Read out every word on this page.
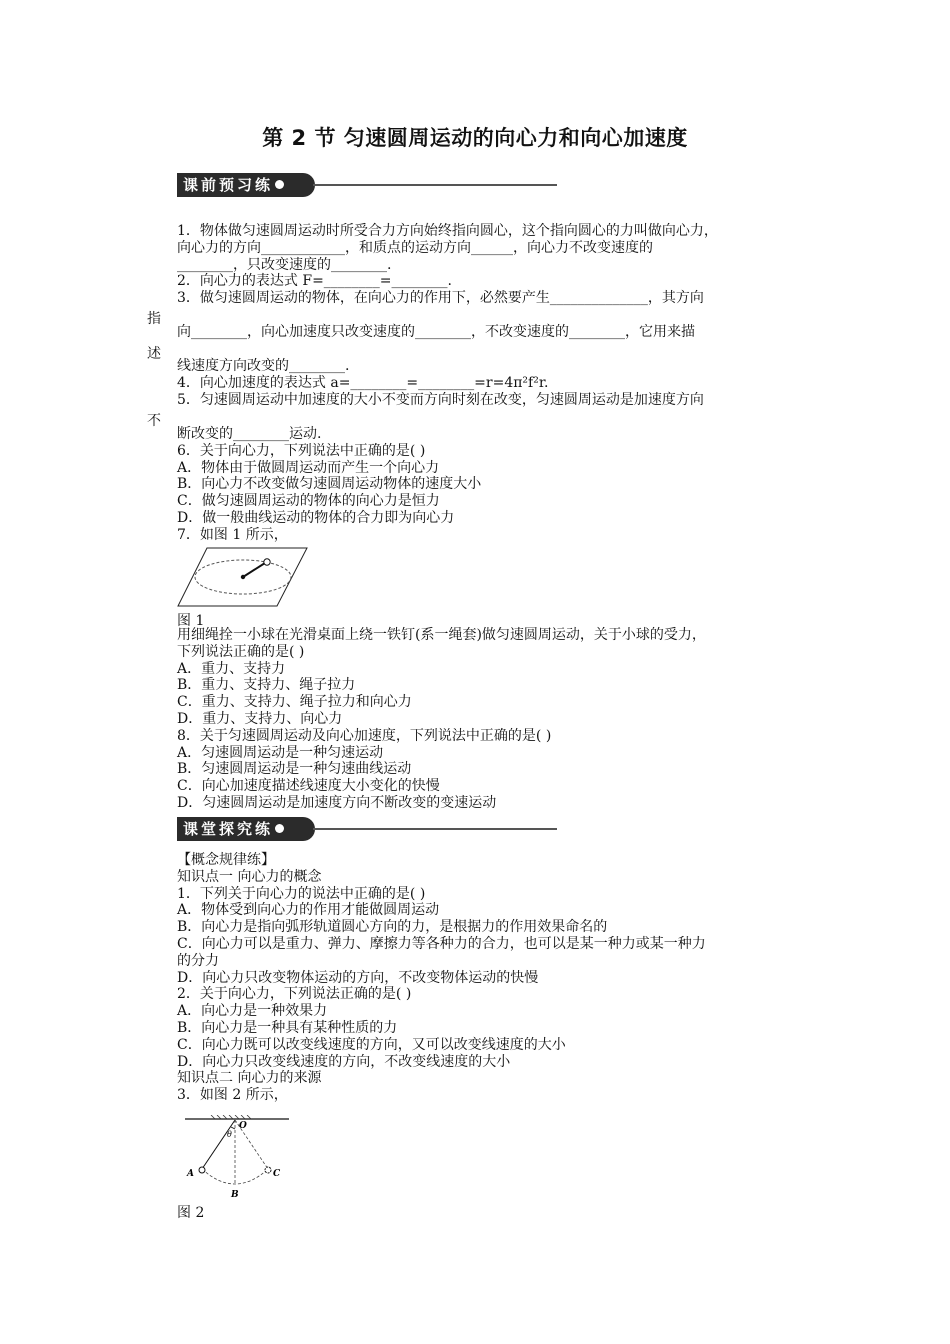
第 2 节 匀速圆周运动的向心力和向心加速度
课前预习练
1．物体做匀速圆周运动时所受合力方向始终指向圆心，这个指向圆心的力叫做向心力，
向心力的方向____________，和质点的运动方向______，向心力不改变速度的
________，只改变速度的________.
2．向心力的表达式 F=________=________.
3．做匀速圆周运动的物体，在向心力的作用下，必然要产生______________，其方向
向________，向心加速度只改变速度的________，不改变速度的________，它用来描
线速度方向改变的________.
4．向心加速度的表达式 a=________=________=r=4π²f²r.
5．匀速圆周运动中加速度的大小不变而方向时刻在改变，匀速圆周运动是加速度方向
断改变的________运动.
6．关于向心力，下列说法中正确的是( )
A．物体由于做圆周运动而产生一个向心力
B．向心力不改变做匀速圆周运动物体的速度大小
C．做匀速圆周运动的物体的向心力是恒力
D．做一般曲线运动的物体的合力即为向心力
7．如图 1 所示，
指
述
不
图 1
用细绳拴一小球在光滑桌面上绕一铁钉(系一绳套)做匀速圆周运动，关于小球的受力，
下列说法正确的是( )
A．重力、支持力
B．重力、支持力、绳子拉力
C．重力、支持力、绳子拉力和向心力
D．重力、支持力、向心力
8．关于匀速圆周运动及向心加速度，下列说法中正确的是( )
A．匀速圆周运动是一种匀速运动
B．匀速圆周运动是一种匀速曲线运动
C．向心加速度描述线速度大小变化的快慢
D．匀速圆周运动是加速度方向不断改变的变速运动
课堂探究练
【概念规律练】
知识点一 向心力的概念
1．下列关于向心力的说法中正确的是( )
A．物体受到向心力的作用才能做圆周运动
B．向心力是指向弧形轨道圆心方向的力，是根据力的作用效果命名的
C．向心力可以是重力、弹力、摩擦力等各种力的合力，也可以是某一种力或某一种力
的分力
D．向心力只改变物体运动的方向，不改变物体运动的快慢
2．关于向心力，下列说法正确的是( )
A．向心力是一种效果力
B．向心力是一种具有某种性质的力
C．向心力既可以改变线速度的方向，又可以改变线速度的大小
D．向心力只改变线速度的方向，不改变线速度的大小
知识点二 向心力的来源
3．如图 2 所示，
O
θ
A
B
C
图 2
